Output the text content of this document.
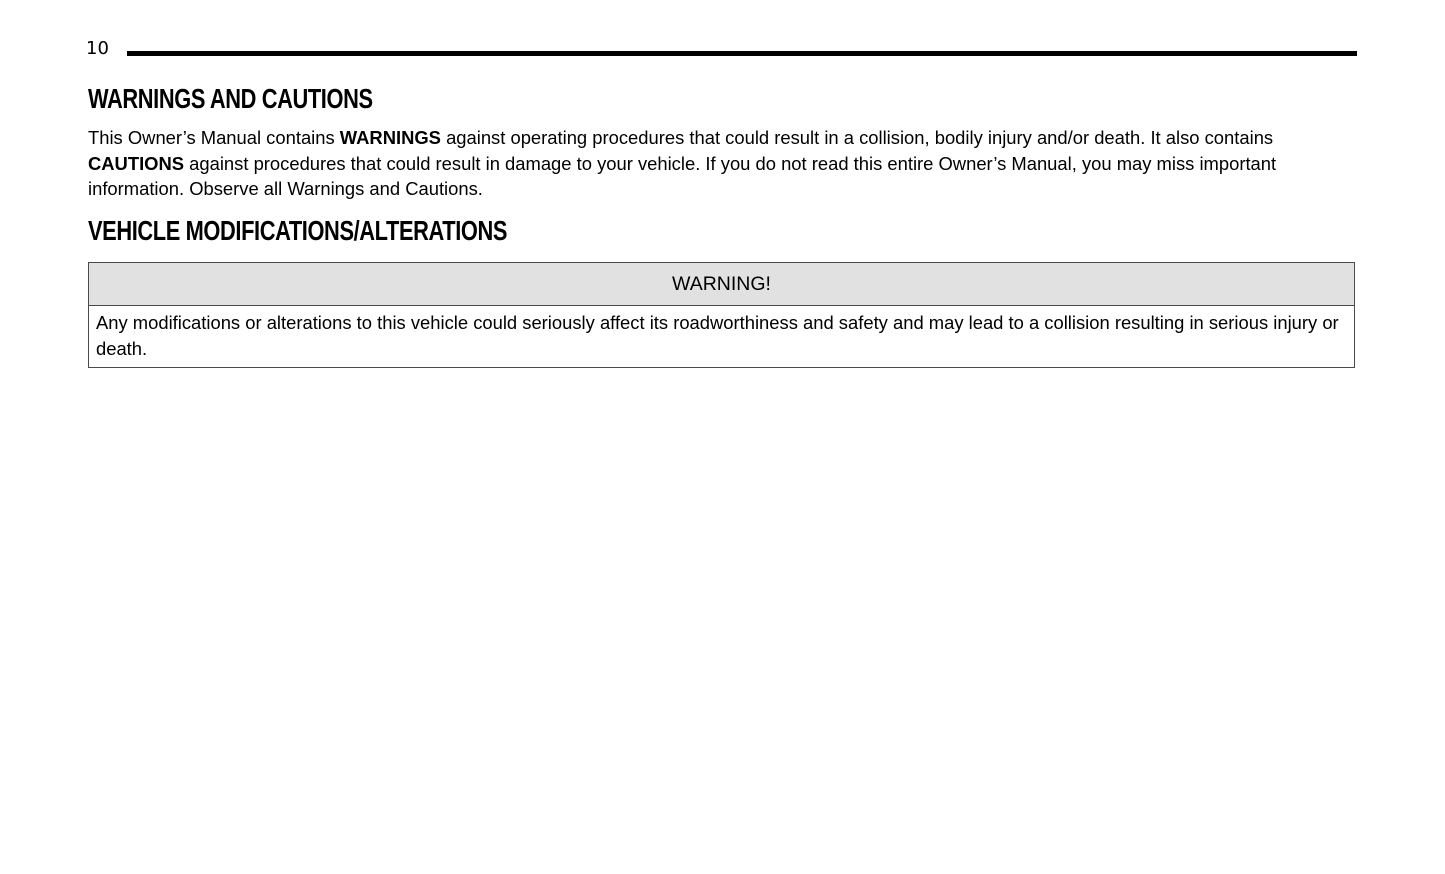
10
WARNINGS AND CAUTIONS

This Owner’s Manual contains WARNINGS against operating procedures that could result in a collision, bodily injury and/or death. It also contains CAUTIONS against procedures that could result in damage to your vehicle. If you do not read this entire Owner’s Manual, you may miss important information. Observe all Warnings and Cautions.

VEHICLE MODIFICATIONS/ALTERATIONS
WARNING!
Any modifications or alterations to this vehicle could seriously affect its roadworthiness and safety and may lead to a collision resulting in serious injury or death.
